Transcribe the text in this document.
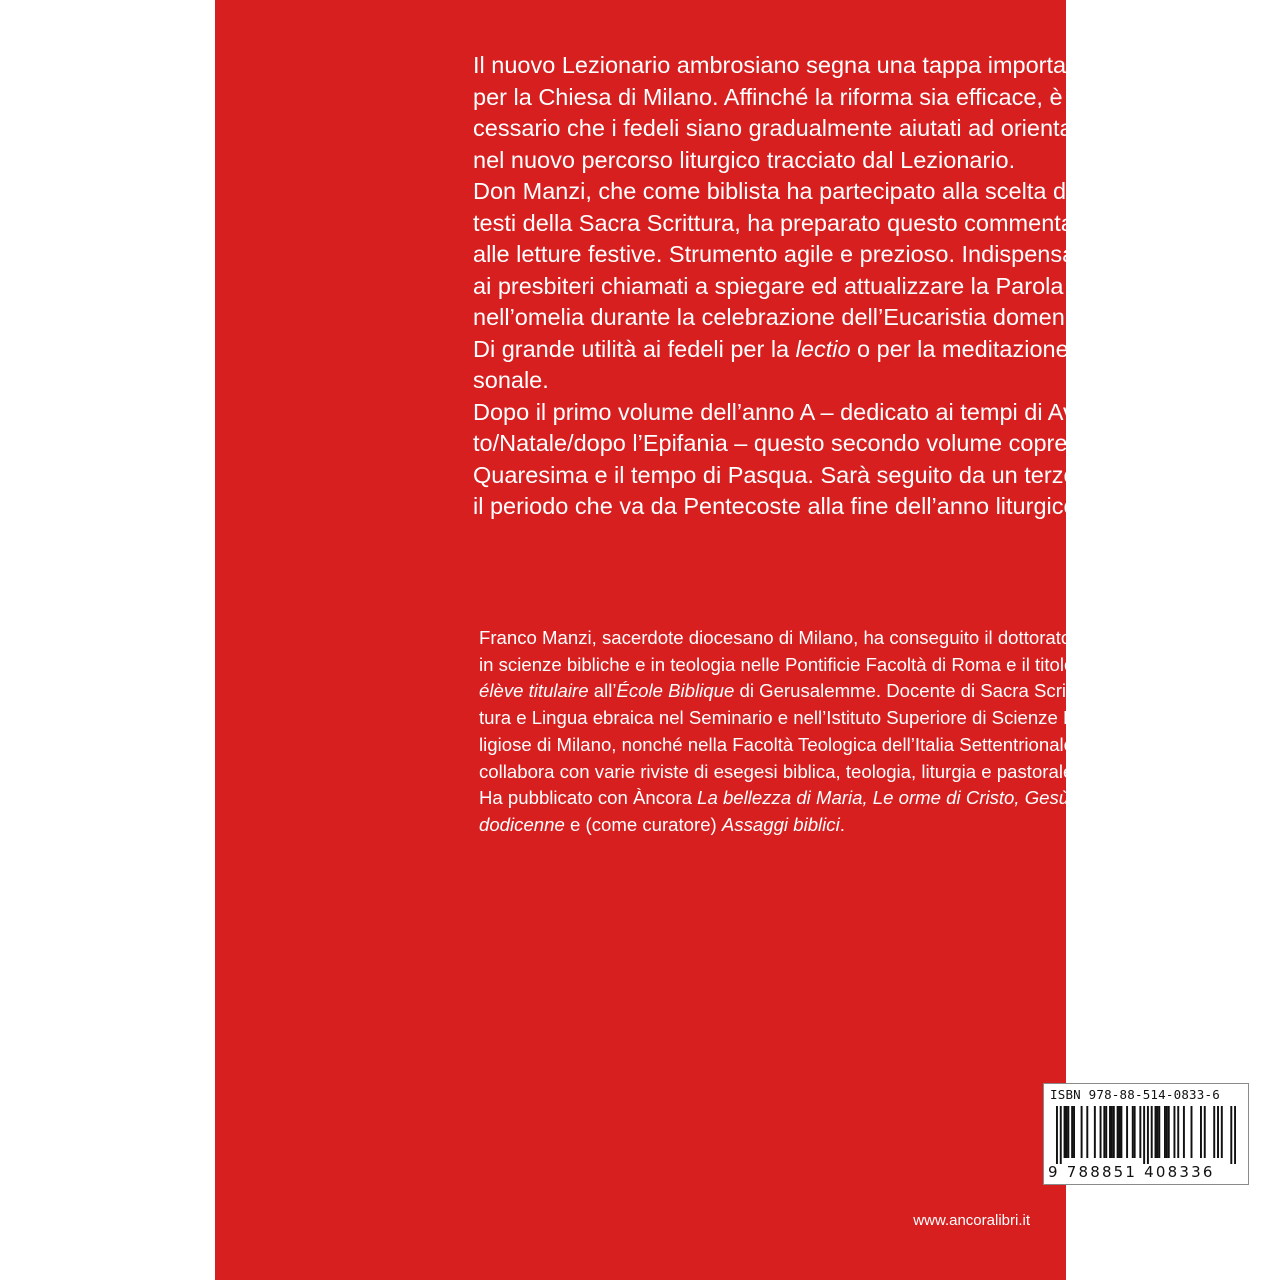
Il nuovo Lezionario ambrosiano segna una tappa importante

per la Chiesa di Milano. Affinché la riforma sia efficace, è ne-

cessario che i fedeli siano gradualmente aiutati ad orientarsi

nel nuovo percorso liturgico tracciato dal Lezionario.

Don Manzi, che come biblista ha partecipato alla scelta dei

testi della Sacra Scrittura, ha preparato questo commentario

alle letture festive. Strumento agile e prezioso. Indispensabile

ai presbiteri chiamati a spiegare ed attualizzare la Parola di Dio

nell’omelia durante la celebrazione dell’Eucaristia domenicale.

Di grande utilità ai fedeli per la lectio o per la meditazione per-

sonale.

Dopo il primo volume dell’anno A – dedicato ai tempi di Avven-

to/Natale/dopo l’Epifania – questo secondo volume copre la

Quaresima e il tempo di Pasqua. Sarà seguito da un terzo, per

il periodo che va da Pentecoste alla fine dell’anno liturgico.

Franco Manzi, sacerdote diocesano di Milano, ha conseguito il dottorato

in scienze bibliche e in teologia nelle Pontificie Facoltà di Roma e il titolo di

élève titulaire all’École Biblique di Gerusalemme. Docente di Sacra Scrit-

tura e Lingua ebraica nel Seminario e nell’Istituto Superiore di Scienze Re-

ligiose di Milano, nonché nella Facoltà Teologica dell’Italia Settentrionale,

collabora con varie riviste di esegesi biblica, teologia, liturgia e pastorale.

Ha pubblicato con Àncora La bellezza di Maria, Le orme di Cristo, Gesù

dodicenne e (come curatore) Assaggi biblici.

ISBN 978-88-514-0833-6
9 788851 408336
www.ancoralibri.it
